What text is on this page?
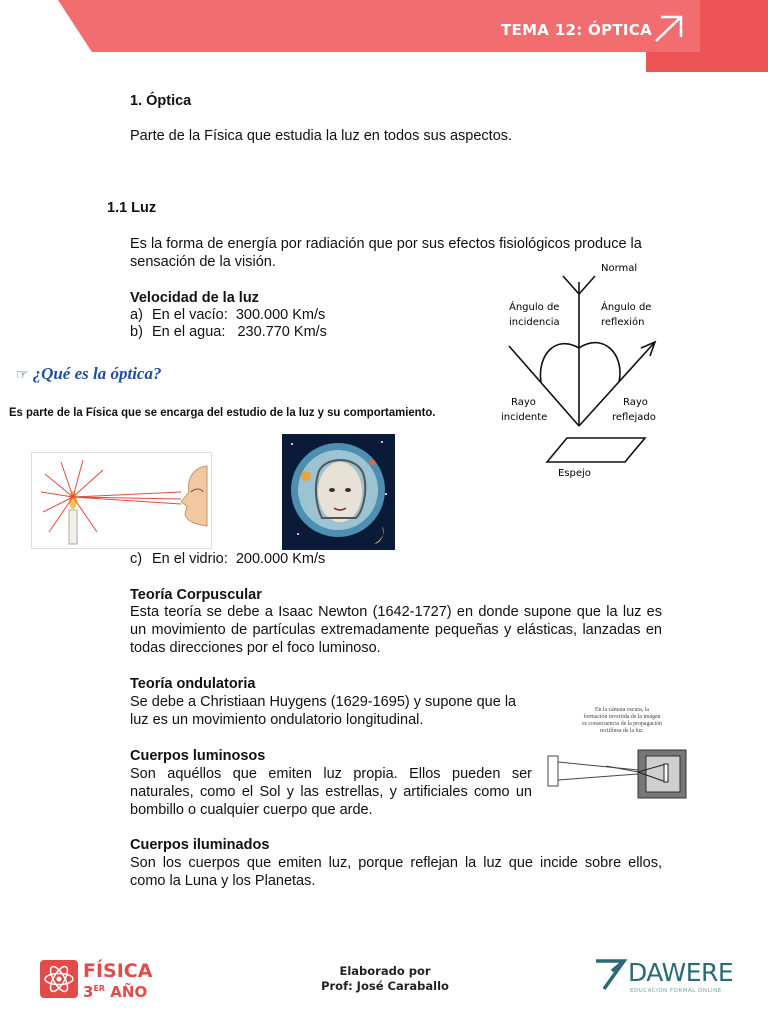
TEMA 12: ÓPTICA
1. Óptica
Parte de la Física que estudia la luz en todos sus aspectos.
1.1 Luz
Es la forma de energía por radiación que por sus efectos fisiológicos produce la sensación de la visión.
Velocidad de la luz
a) En el vacío:  300.000 Km/s
b) En el agua:   230.770 Km/s
Normal
Ángulo de
incidencia
Ángulo de
reflexión
Rayo
incidente
Rayo
reflejado
Espejo
☞ ¿Qué es la óptica?
Es parte de la Física que se encarga del estudio de la luz y su comportamiento.
c) En el vidrio:  200.000 Km/s
Teoría Corpuscular
Esta teoría se debe a Isaac Newton (1642-1727) en donde supone que la luz es un movimiento de partículas extremadamente pequeñas y elásticas, lanzadas en todas direcciones por el foco luminoso.
Teoría ondulatoria
Se debe a Christiaan Huygens (1629-1695) y supone que la luz es un movimiento ondulatorio longitudinal.
En la cámara oscura, la
formación invertida de la imagen
es consecuencia de la propagación
rectilínea de la luz.
Cuerpos luminosos
Son aquéllos que emiten luz propia. Ellos pueden ser naturales, como el Sol y las estrellas, y artificiales como un bombillo o cualquier cuerpo que arde.
Cuerpos iluminados
Son los cuerpos que emiten luz, porque reflejan la luz que incide sobre ellos, como la Luna y los Planetas.
FÍSICA
3ER AÑO
Elaborado por
Prof: José Caraballo	DAWERE
EDUCACIÓN FORMAL ONLINE
